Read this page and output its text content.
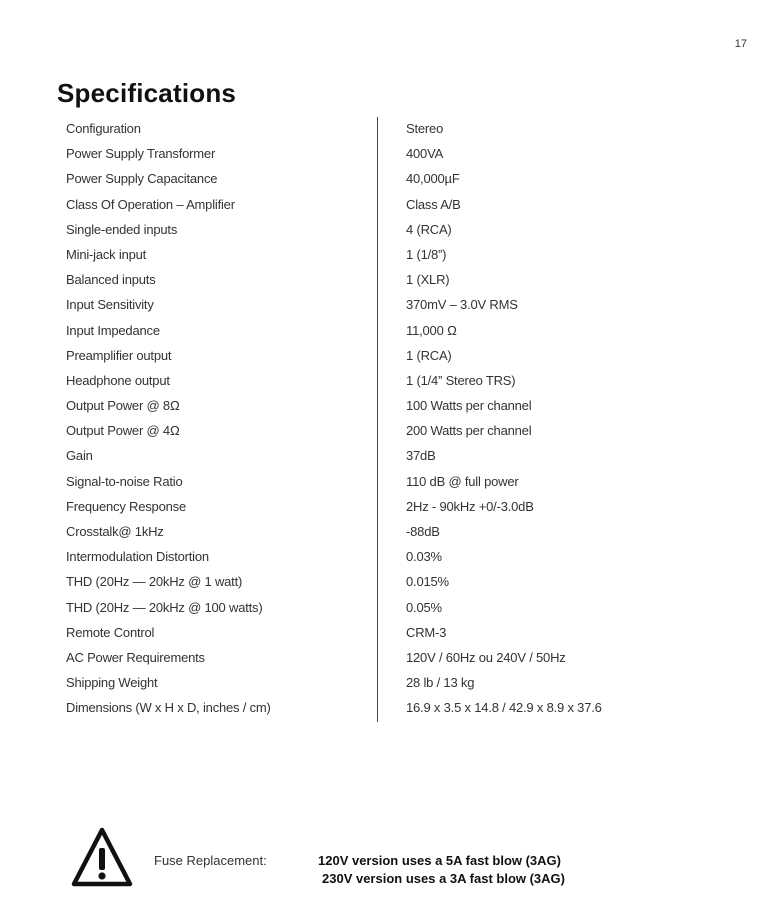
17
Specifications
Configuration	Stereo
Power Supply Transformer	400VA
Power Supply Capacitance	40,000µF
Class Of Operation – Amplifier	Class A/B
Single-ended inputs	4 (RCA)
Mini-jack input	1 (1/8”)
Balanced inputs	1 (XLR)
Input Sensitivity	370mV – 3.0V RMS
Input Impedance	11,000 Ω
Preamplifier output	1 (RCA)
Headphone output	1 (1/4” Stereo TRS)
Output Power @ 8Ω	100 Watts per channel
Output Power @ 4Ω	200 Watts per channel
Gain	37dB
Signal-to-noise Ratio	110 dB @ full power
Frequency Response	2Hz - 90kHz +0/-3.0dB
Crosstalk@ 1kHz	-88dB
Intermodulation Distortion	0.03%
THD (20Hz — 20kHz @ 1 watt)	0.015%
THD (20Hz — 20kHz @ 100 watts)	0.05%
Remote Control	CRM-3
AC Power Requirements	120V / 60Hz ou 240V / 50Hz
Shipping Weight	28 lb / 13 kg
Dimensions (W x H x D, inches / cm)	16.9 x 3.5 x 14.8 / 42.9 x 8.9 x 37.6
Fuse Replacement:	120V version uses a 5A fast blow (3AG)
230V version uses a 3A fast blow (3AG)
